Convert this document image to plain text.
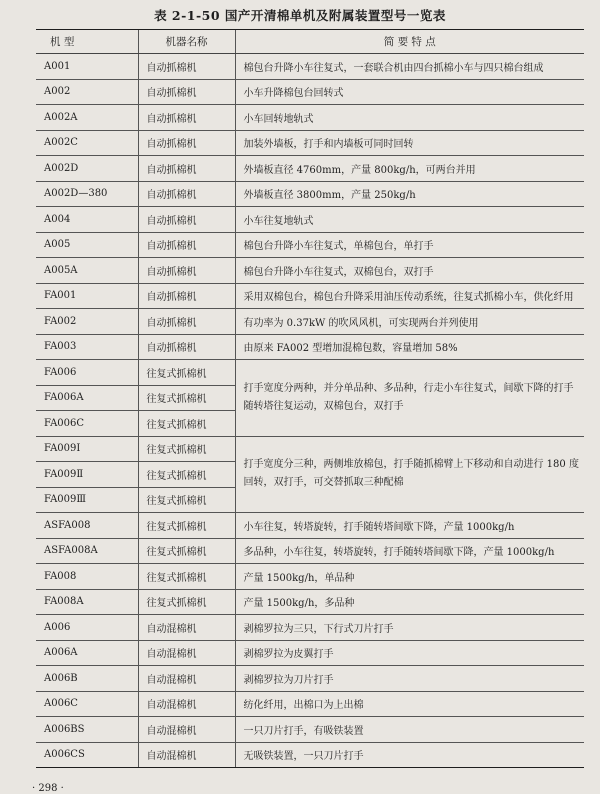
表 2-1-50 国产开清棉单机及附属装置型号一览表
机 型	机器名称	简 要 特 点
A001	自动抓棉机	棉包台升降小车往复式，一套联合机由四台抓棉小车与四只棉台组成
A002	自动抓棉机	小车升降棉包台回转式
A002A	自动抓棉机	小车回转地轨式
A002C	自动抓棉机	加装外墙板，打手和内墙板可同时回转
A002D	自动抓棉机	外墙板直径 4760mm，产量 800kg/h，可两台并用
A002D—380	自动抓棉机	外墙板直径 3800mm，产量 250kg/h
A004	自动抓棉机	小车往复地轨式
A005	自动抓棉机	棉包台升降小车往复式，单棉包台，单打手
A005A	自动抓棉机	棉包台升降小车往复式，双棉包台，双打手
FA001	自动抓棉机	采用双棉包台，棉包台升降采用油压传动系统，往复式抓棉小车，供化纤用
FA002	自动抓棉机	有功率为 0.37kW 的吹风风机，可实现两台并列使用
FA003	自动抓棉机	由原来 FA002 型增加混棉包数，容量增加 58%
FA006	往复式抓棉机	打手宽度分两种，并分单品种、多品种，行走小车往复式，间歇下降的打手随转塔往复运动，双棉包台，双打手
FA006A	往复式抓棉机	
FA006C	往复式抓棉机	
FA009Ⅰ	往复式抓棉机	打手宽度分三种，两侧堆放棉包，打手随抓棉臂上下移动和自动进行 180 度回转，双打手，可交替抓取三种配棉
FA009Ⅱ	往复式抓棉机	
FA009Ⅲ	往复式抓棉机	
ASFA008	往复式抓棉机	小车往复，转塔旋转，打手随转塔间歇下降，产量 1000kg/h
ASFA008A	往复式抓棉机	多品种，小车往复，转塔旋转，打手随转塔间歇下降，产量 1000kg/h
FA008	往复式抓棉机	产量 1500kg/h，单品种
FA008A	往复式抓棉机	产量 1500kg/h，多品种
A006	自动混棉机	剥棉罗拉为三只，下行式刀片打手
A006A	自动混棉机	剥棉罗拉为皮翼打手
A006B	自动混棉机	剥棉罗拉为刀片打手
A006C	自动混棉机	纺化纤用，出棉口为上出棉
A006BS	自动混棉机	一只刀片打手，有吸铁装置
A006CS	自动混棉机	无吸铁装置，一只刀片打手
· 298 ·
